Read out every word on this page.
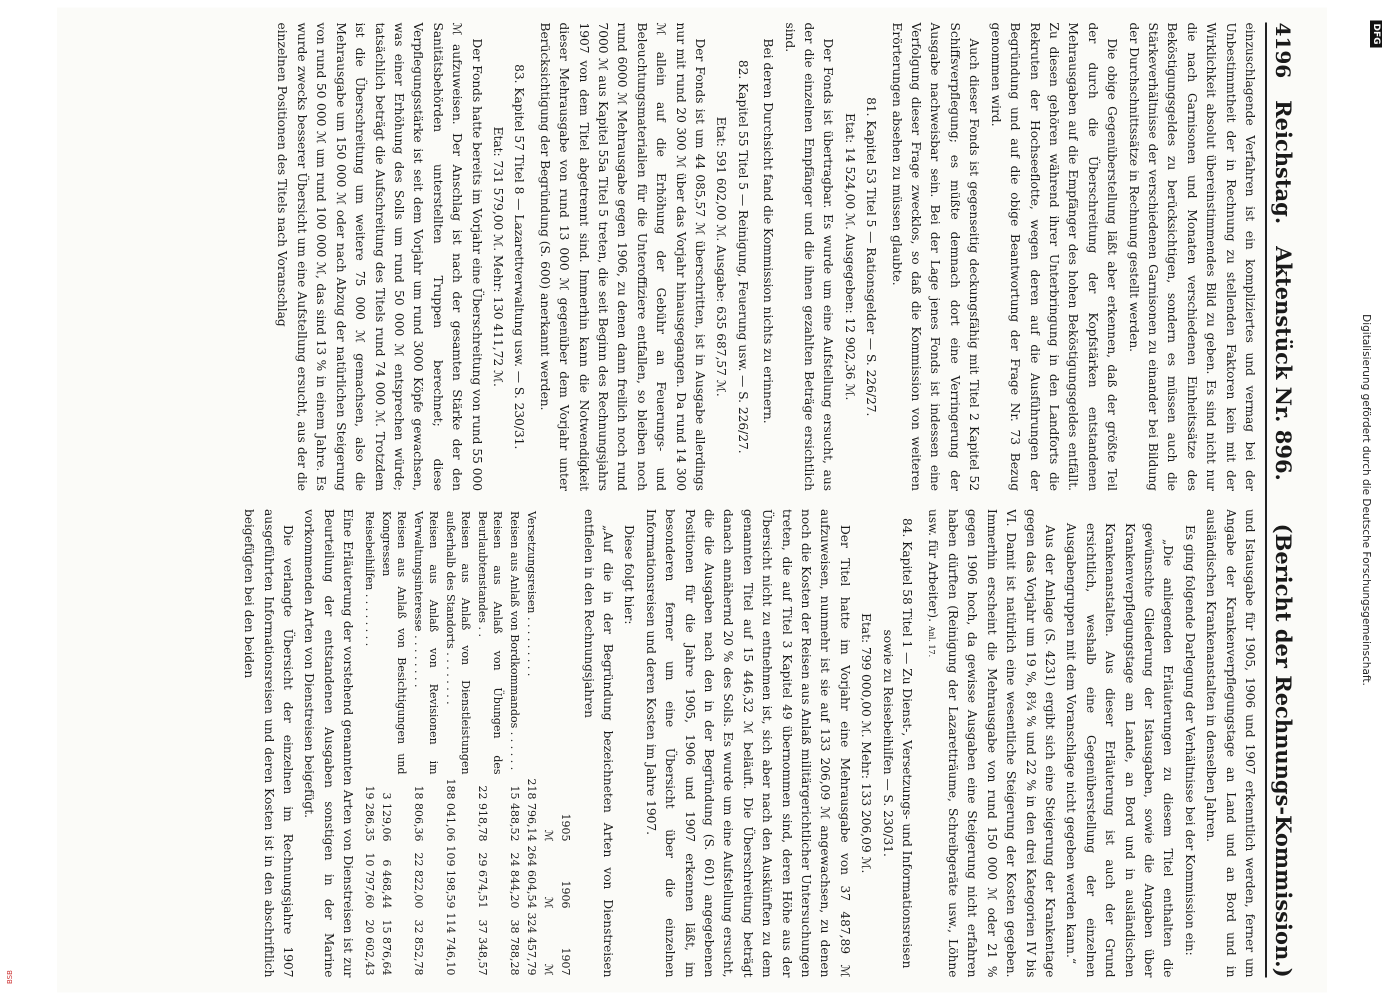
4196
Reichstag.
Aktenstück Nr. 896.
(Bericht der Rechnungs-Kommission.)

einzuschlagende Verfahren ist ein kompliziertes und vermag bei der Unbestimmtheit der in Rechnung zu stellenden Faktoren kein mit der Wirklichkeit absolut übereinstimmendes Bild zu geben. Es sind nicht nur die nach Garnisonen und Monaten verschiedenen Einheitssätze des Beköstigungsgeldes zu berücksichtigen, sondern es müssen auch die Stärkeverhältnisse der verschiedenen Garnisonen zu einander bei Bildung der Durchschnittssätze in Rechnung gestellt werden.

Die obige Gegenüberstellung läßt aber erkennen, daß der größte Teil der durch die Überschreitung der Kopfstärken entstandenen Mehrausgaben auf die Empfänger des hohen Beköstigungsgeldes entfällt. Zu diesen gehören während ihrer Unterbringung in den Landforts die Rekruten der Hochseeflotte, wegen deren auf die Ausführungen der Begründung und auf die obige Beantwortung der Frage Nr. 73 Bezug genommen wird.

Auch dieser Fonds ist gegenseitig deckungsfähig mit Titel 2 Kapitel 52 Schiffsverpflegung; es müßte demnach dort eine Verringerung der Ausgabe nachweisbar sein. Bei der Lage jenes Fonds ist indessen eine Verfolgung dieser Frage zwecklos, so daß die Kommission von weiteren Erörterungen absehen zu müssen glaubte.

81. Kapitel 53 Titel 5 — Rationsgelder — S. 226/27.

Etat: 14 524,00 ℳ. Ausgegeben: 12 902,36 ℳ.

Der Fonds ist übertragbar. Es wurde um eine Aufstellung ersucht, aus der die einzelnen Empfänger und die ihnen gezahlten Beträge ersichtlich sind.

Bei deren Durchsicht fand die Kommission nichts zu erinnern.

82. Kapitel 55 Titel 5 — Reinigung, Feuerung usw. — S. 226/27.

Etat: 591 602,00 ℳ. Ausgabe: 635 687,57 ℳ.

Der Fonds ist um 44 085,57 ℳ überschritten, ist in Ausgabe allerdings nur mit rund 20 300 ℳ über das Vorjahr hinausgegangen. Da rund 14 300 ℳ allein auf die Erhöhung der Gebühr an Feuerungs- und Beleuchtungsmaterialien für die Unteroffiziere entfallen, so bleiben noch rund 6000 ℳ Mehrausgabe gegen 1906, zu denen dann freilich noch rund 7000 ℳ aus Kapitel 55a Titel 5 treten, die seit Beginn des Rechnungsjahrs 1907 von dem Titel abgetrennt sind. Immerhin kann die Notwendigkeit dieser Mehrausgabe von rund 13 000 ℳ gegenüber dem Vorjahr unter Berücksichtigung der Begründung (S. 600) anerkannt werden.

83. Kapitel 57 Titel 8 — Lazarettverwaltung usw. — S. 230/31.

Etat: 731 579,00 ℳ. Mehr: 130 411,72 ℳ.

Der Fonds hatte bereits im Vorjahr eine Überschreitung von rund 55 000 ℳ aufzuweisen. Der Anschlag ist nach der gesamten Stärke der den Sanitätsbehörden unterstellten Truppen berechnet; diese Verpflegungsstärke ist seit dem Vorjahr um rund 3000 Köpfe gewachsen, was einer Erhöhung des Solls um rund 50 000 ℳ entsprechen würde; tatsächlich beträgt die Aufschreitung des Titels rund 74 000 ℳ. Trotzdem ist die Überschreitung um weitere 75 000 ℳ gemachsen, also die Mehrausgabe um 150 000 ℳ oder nach Abzug der natürlichen Steigerung von rund 50 000 ℳ um rund 100 000 ℳ, das sind 13 % in einem Jahre. Es wurde zwecks besserer Übersicht um eine Aufstellung ersucht, aus der die einzelnen Positionen des Titels nach Voranschlag

und Istausgabe für 1905, 1906 und 1907 erkenntlich werden, ferner um Angabe der Krankenverpflegungstage an Land und an Bord und in ausländischen Krankenanstalten in denselben Jahren.

Es ging folgende Darlegung der Verhältnisse bei der Kommission ein:

„Die anliegenden Erläuterungen zu diesem Titel enthalten die gewünschte Gliederung der Istausgaben, sowie die Angaben über Krankenverpflegungstage am Lande, an Bord und in ausländischen Krankenanstalten. Aus dieser Erläuterung ist auch der Grund ersichtlich, weshalb eine Gegenüberstellung der einzelnen Ausgabengruppen mit dem Voranschlage nicht gegeben werden kann.“

Aus der Anlage (S. 4231) ergibt sich eine Steigerung der Krankentage gegen das Vorjahr um 19 %, 8¾ % und 22 % in den drei Kategorien IV bis VI. Damit ist natürlich eine wesentliche Steigerung der Kosten gegeben. Immerhin erscheint die Mehrausgabe von rund 150 000 ℳ oder 21 % gegen 1906 hoch, da gewisse Ausgaben eine Steigerung nicht erfahren haben dürften (Reinigung der Lazaretträume, Schreibgeräte usw., Löhne usw. für Arbeiter). Anl. 17.

84. Kapitel 58 Titel 1 — Zu Dienst-, Versetzungs- und Informationsreisen sowie zu Reisebeihilfen — S. 230/31.

Etat: 799 000,00 ℳ. Mehr: 133 206,09 ℳ.

Der Titel hatte im Vorjahr eine Mehrausgabe von 37 487,89 ℳ aufzuweisen, nunmehr ist sie auf 133 206,09 ℳ angewachsen, zu denen noch die Kosten der Reisen aus Anlaß militärgerichtlicher Untersuchungen treten, die auf Titel 3 Kapitel 49 übernommen sind, deren Höhe aus der Übersicht nicht zu entnehmen ist, sich aber nach den Auskünften zu dem genannten Titel auf 15 446,32 ℳ beläuft. Die Überschreitung beträgt danach annähernd 20 % des Solls. Es wurde um eine Aufstellung ersucht, die die Ausgaben nach den in der Begründung (S. 601) angegebenen Positionen für die Jahre 1905, 1906 und 1907 erkennen läßt, im besonderen ferner um eine Übersicht über die einzelnen Informationsreisen und deren Kosten im Jahre 1907.

Diese folgt hier:

„Auf die in der Begründung bezeichneten Arten von Dienstreisen entfielen in den Rechnungsjahren

	1905	1906	1907
	ℳ	ℳ	ℳ
Versetzungsreisen . . . . . . . . .	218 796,14	264 604,54	324 457,79
Reisen aus Anlaß von Bordkommandos . . . . . .	15 488,52	24 844,20	38 788,28
Reisen aus Anlaß von Übungen des Beurlaubtenstandes . .	22 918,78	29 674,51	37 348,57
Reisen aus Anlaß von Dienstleistungen außerhalb des Standorts . . . . . . . .	188 041,06	109 198,59	114 746,10
Reisen aus Anlaß von Revisionen im Verwaltungsinteresse . . . . . . . .	18 806,36	22 822,00	32 852,78
Reisen aus Anlaß von Besichtigungen und Kongressen	3 129,06	6 468,44	15 876,64
Reisebeihilfen . . . . . . . .	19 286,35	10 797,60	20 602,43

Eine Erläuterung der vorstehend genannten Arten von Dienstreisen ist zur Beurteilung der entstandenen Ausgaben sonstigen in der Marine vorkommenden Arten von Dienstreisen beigefügt.

Die verlangte Übersicht der einzelnen im Rechnungsjahre 1907 ausgeführten Informationsreisen und deren Kosten ist in den abschriftlich beigefügten bei den beiden	Digitalisierung gefördert durch die Deutsche Forschungsgemeinschaft.
DFG
BSB
